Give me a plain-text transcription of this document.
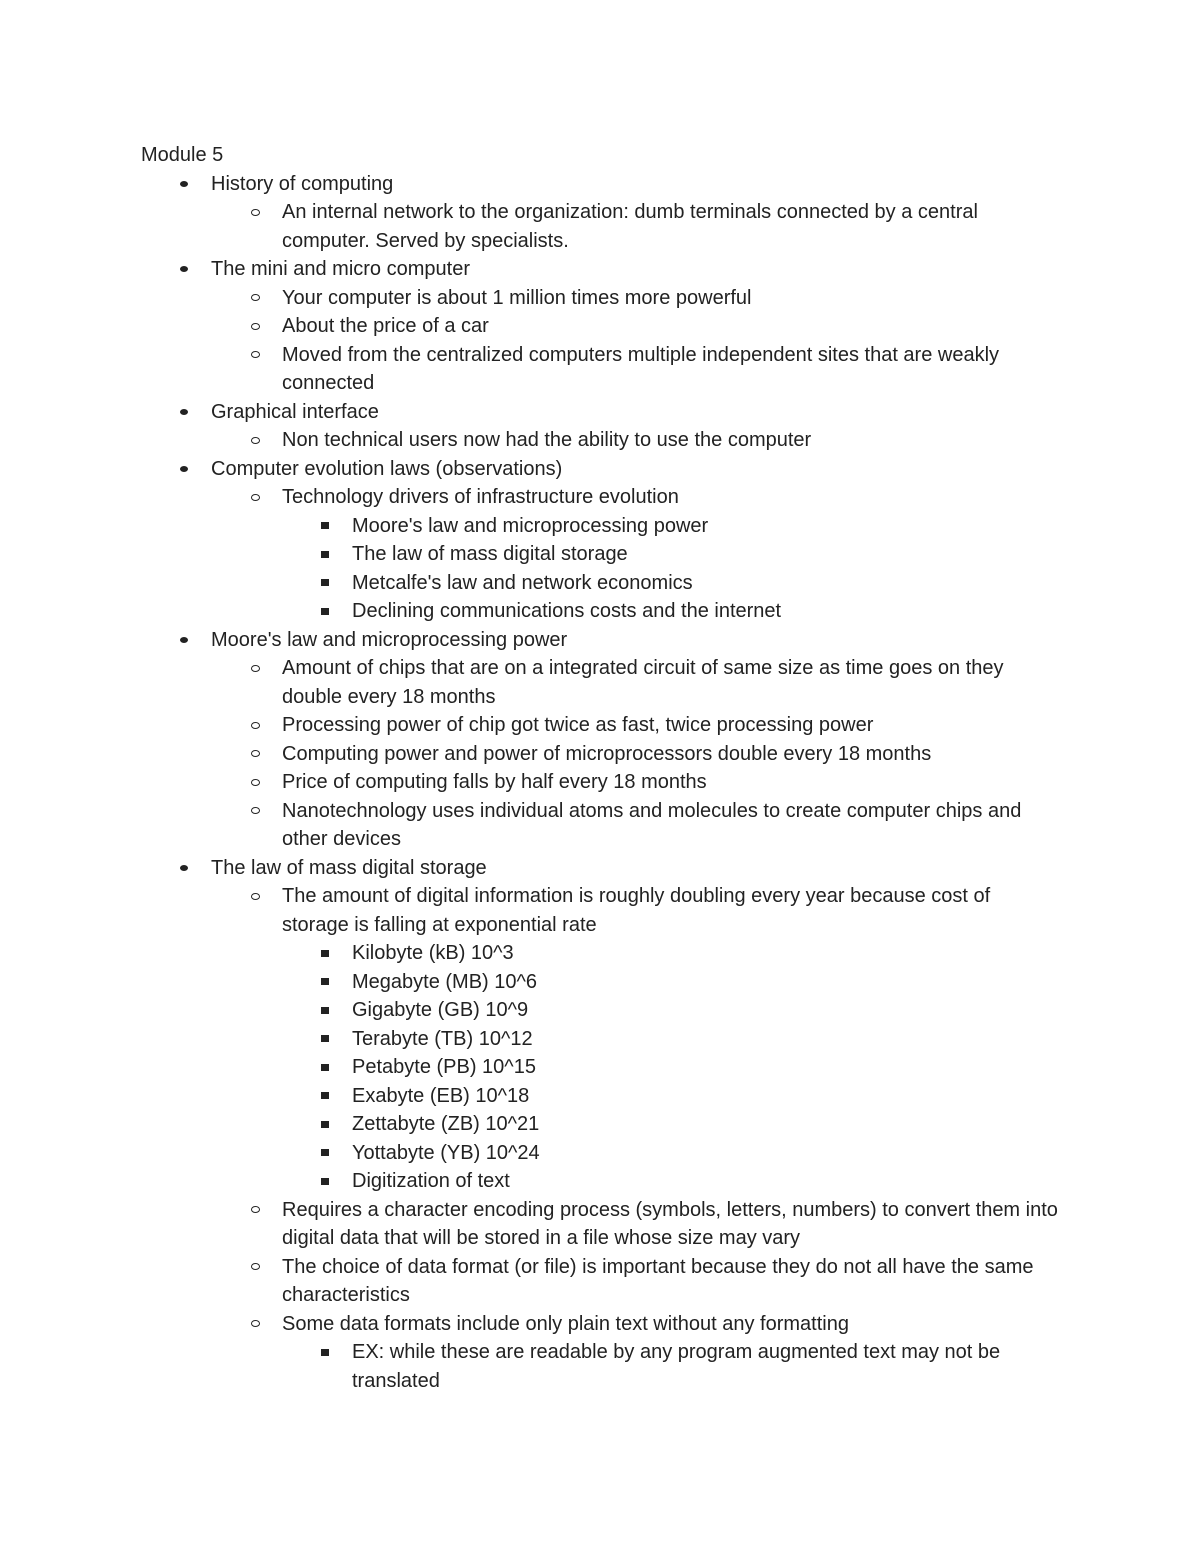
Module 5
History of computing
An internal network to the organization: dumb terminals connected by a central computer. Served by specialists.
The mini and micro computer
Your computer is about 1 million times more powerful
About the price of a car
Moved from the centralized computers multiple independent sites that are weakly connected
Graphical interface
Non technical users now had the ability to use the computer
Computer evolution laws (observations)
Technology drivers of infrastructure evolution
Moore's law and microprocessing power
The law of mass digital storage
Metcalfe's law and network economics
Declining communications costs and the internet
Moore's law and microprocessing power
Amount of chips that are on a integrated circuit of same size as time goes on they double every 18 months
Processing power of chip got twice as fast, twice processing power
Computing power and power of microprocessors double every 18 months
Price of computing falls by half every 18 months
Nanotechnology uses individual atoms and molecules to create computer chips and other devices
The law of mass digital storage
The amount of digital information is roughly doubling every year because cost of storage is falling at exponential rate
Kilobyte (kB) 10^3
Megabyte (MB) 10^6
Gigabyte (GB) 10^9
Terabyte (TB) 10^12
Petabyte (PB) 10^15
Exabyte (EB) 10^18
Zettabyte (ZB) 10^21
Yottabyte (YB) 10^24
Digitization of text
Requires a character encoding process (symbols, letters, numbers) to convert them into digital data that will be stored in a file whose size may vary
The choice of data format (or file) is important because they do not all have the same characteristics
Some data formats include only plain text without any formatting
EX: while these are readable by any program augmented text may not be translated
